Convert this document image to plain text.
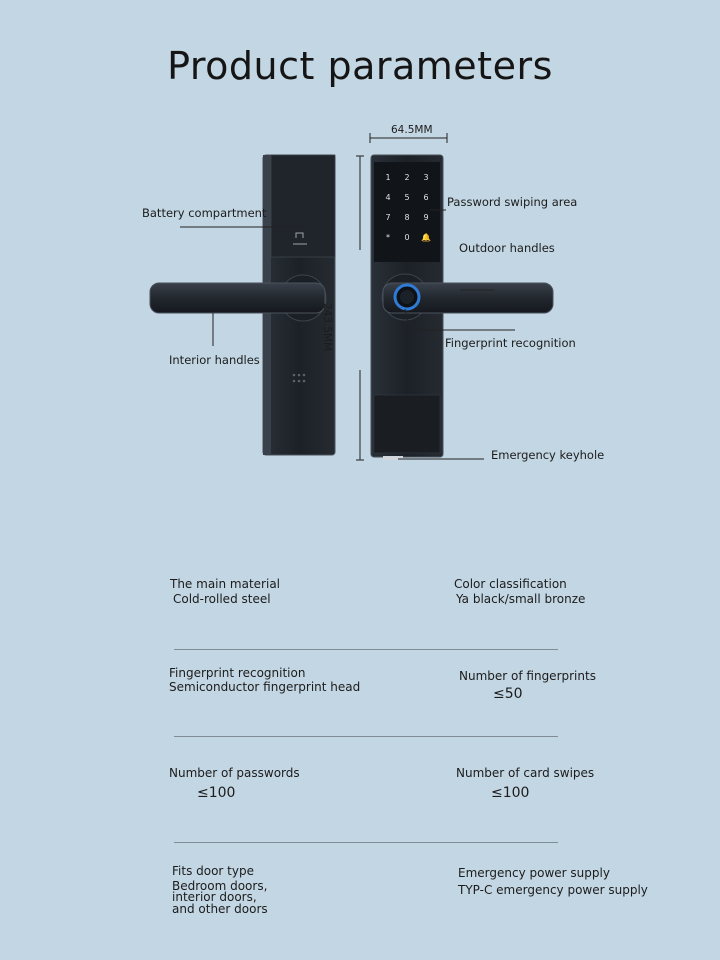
Product parameters
1 2 3
4 5 6
7 8 9
* 0 🔔
64.5MM
243.5MM
Battery compartment
Password swiping area
Outdoor handles
Interior handles
Fingerprint recognition
Emergency keyhole
The main material
Cold-rolled steel
Color classification
Ya black/small bronze
Fingerprint recognition
Semiconductor fingerprint head
Number of fingerprints
≤50
Number of passwords
≤100
Number of card swipes
≤100
Fits door type
Bedroom doors,
interior doors,
and other doors
Emergency power supply
TYP-C emergency power supply
